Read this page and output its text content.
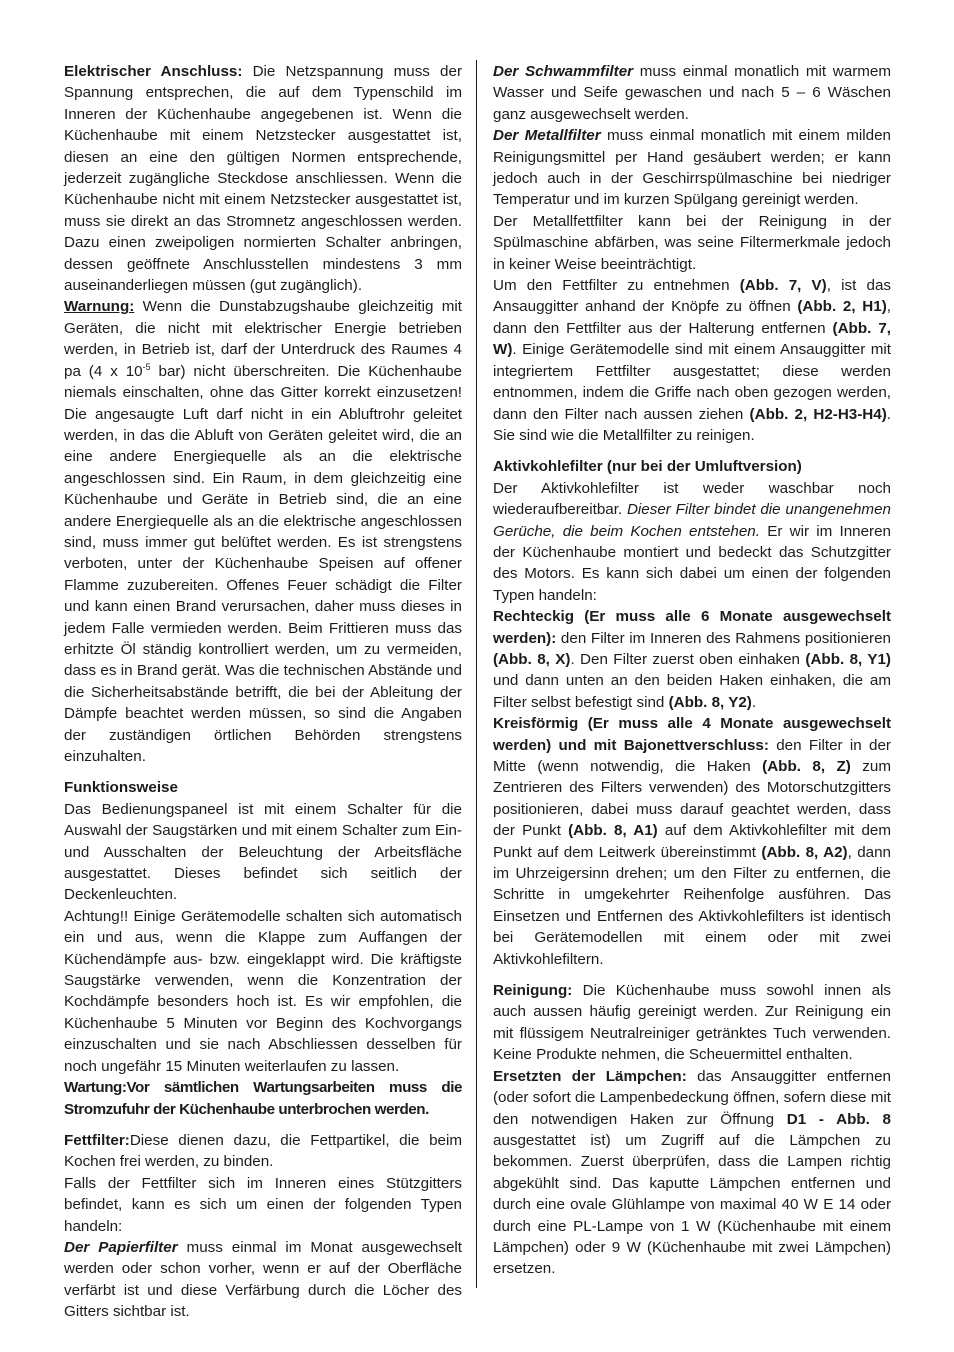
Elektrischer Anschluss: Die Netzspannung muss der Spannung entsprechen, die auf dem Typenschild im Inneren der Küchenhaube angegebenen ist. Wenn die Küchenhaube mit einem Netzstecker ausgestattet ist, diesen an eine den gültigen Normen entsprechende, jederzeit zugängliche Steckdose anschliessen. Wenn die Küchenhaube nicht mit einem Netzstecker ausgestattet ist, muss sie direkt an das Stromnetz angeschlossen werden. Dazu einen zweipoligen normierten Schalter anbringen, dessen geöffnete Anschlusstellen mindestens 3 mm auseinanderliegen müssen (gut zugänglich).

Warnung: Wenn die Dunstabzugshaube gleichzeitig mit Geräten, die nicht mit elektrischer Energie betrieben werden, in Betrieb ist, darf der Unterdruck des Raumes 4 pa (4 x $10^{-5}$ bar) nicht überschreiten. Die Küchenhaube niemals einschalten, ohne das Gitter korrekt einzusetzen! Die angesaugte Luft darf nicht in ein Abluftrohr geleitet werden, in das die Abluft von Geräten geleitet wird, die an eine andere Energiequelle als an die elektrische angeschlossen sind. Ein Raum, in dem gleichzeitig eine Küchenhaube und Geräte in Betrieb sind, die an eine andere Energiequelle als an die elektrische angeschlossen sind, muss immer gut belüftet werden. Es ist strengstens verboten, unter der Küchenhaube Speisen auf offener Flamme zuzubereiten. Offenes Feuer schädigt die Filter und kann einen Brand verursachen, daher muss dieses in jedem Falle vermieden werden. Beim Frittieren muss das erhitzte Öl ständig kontrolliert werden, um zu vermeiden, dass es in Brand gerät. Was die technischen Abstände und die Sicherheitsabstände betrifft, die bei der Ableitung der Dämpfe beachtet werden müssen, so sind die Angaben der zuständigen örtlichen Behörden strengstens einzuhalten.

Funktionsweise
Das Bedienungspaneel ist mit einem Schalter für die Auswahl der Saugstärken und mit einem Schalter zum Ein- und Ausschalten der Beleuchtung der Arbeitsfläche ausgestattet. Dieses befindet sich seitlich der Deckenleuchten.

Achtung!! Einige Gerätemodelle schalten sich automatisch ein und aus, wenn die Klappe zum Auffangen der Küchendämpfe aus- bzw. eingeklappt wird. Die kräftigste Saugstärke verwenden, wenn die Konzentration der Kochdämpfe besonders hoch ist. Es wir empfohlen, die Küchenhaube 5 Minuten vor Beginn des Kochvorgangs einzuschalten und sie nach Abschliessen desselben für noch ungefähr 15 Minuten weiterlaufen zu lassen.

Wartung:Vor sämtlichen Wartungsarbeiten muss die Stromzufuhr der Küchenhaube unterbrochen werden.

Fettfilter:Diese dienen dazu, die Fettpartikel, die beim Kochen frei werden, zu binden.

Falls der Fettfilter sich im Inneren eines Stützgitters befindet, kann es sich um einen der folgenden Typen handeln:

Der Papierfilter muss einmal im Monat ausgewechselt werden oder schon vorher, wenn er auf der Oberfläche verfärbt ist und diese Verfärbung durch die Löcher des Gitters sichtbar ist.

Der Schwammfilter muss einmal monatlich mit warmem Wasser und Seife gewaschen und nach 5 – 6 Wäschen ganz ausgewechselt werden.

Der Metallfilter muss einmal monatlich mit einem milden Reinigungsmittel per Hand gesäubert werden; er kann jedoch auch in der Geschirrspülmaschine bei niedriger Temperatur und im kurzen Spülgang gereinigt werden.

Der Metallfettfilter kann bei der Reinigung in der Spülmaschine abfärben, was seine Filtermerkmale jedoch in keiner Weise beeinträchtigt.

Um den Fettfilter zu entnehmen (Abb. 7, V), ist das Ansauggitter anhand der Knöpfe zu öffnen (Abb. 2, H1), dann den Fettfilter aus der Halterung entfernen (Abb. 7, W). Einige Gerätemodelle sind mit einem Ansauggitter mit integriertem Fettfilter ausgestattet; diese werden entnommen, indem die Griffe nach oben gezogen werden, dann den Filter nach aussen ziehen (Abb. 2, H2-H3-H4). Sie sind wie die Metallfilter zu reinigen.

Aktivkohlefilter (nur bei der Umluftversion)
Der Aktivkohlefilter ist weder waschbar noch wiederaufbereitbar. Dieser Filter bindet die unangenehmen Gerüche, die beim Kochen entstehen. Er wir im Inneren der Küchenhaube montiert und bedeckt das Schutzgitter des Motors. Es kann sich dabei um einen der folgenden Typen handeln:

Rechteckig (Er muss alle 6 Monate ausgewechselt werden): den Filter im Inneren des Rahmens positionieren (Abb. 8, X). Den Filter zuerst oben einhaken (Abb. 8, Y1) und dann unten an den beiden Haken einhaken, die am Filter selbst befestigt sind (Abb. 8, Y2).

Kreisförmig (Er muss alle 4 Monate ausgewechselt werden) und mit Bajonettverschluss: den Filter in der Mitte (wenn notwendig, die Haken (Abb. 8, Z) zum Zentrieren des Filters verwenden) des Motorschutzgitters positionieren, dabei muss darauf geachtet werden, dass der Punkt (Abb. 8, A1) auf dem Aktivkohlefilter mit dem Punkt auf dem Leitwerk übereinstimmt (Abb. 8, A2), dann im Uhrzeigersinn drehen; um den Filter zu entfernen, die Schritte in umgekehrter Reihenfolge ausführen. Das Einsetzen und Entfernen des Aktivkohlefilters ist identisch bei Gerätemodellen mit einem oder mit zwei Aktivkohlefiltern.

Reinigung: Die Küchenhaube muss sowohl innen als auch aussen häufig gereinigt werden. Zur Reinigung ein mit flüssigem Neutralreiniger getränktes Tuch verwenden. Keine Produkte nehmen, die Scheuermittel enthalten.

Ersetzten der Lämpchen: das Ansauggitter entfernen (oder sofort die Lampenbedeckung öffnen, sofern diese mit den notwendigen Haken zur Öffnung D1 - Abb. 8 ausgestattet ist) um Zugriff auf die Lämpchen zu bekommen. Zuerst überprüfen, dass die Lampen richtig abgekühlt sind. Das kaputte Lämpchen entfernen und durch eine ovale Glühlampe von maximal 40 W E 14 oder durch eine PL-Lampe von 1 W (Küchenhaube mit einem Lämpchen) oder 9 W (Küchenhaube mit zwei Lämpchen) ersetzen.
